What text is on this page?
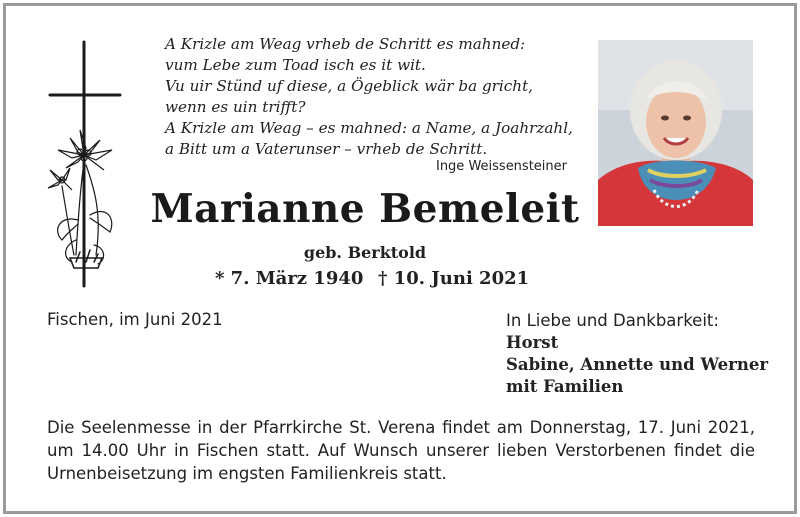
A Krizle am Weag vrheb de Schritt es mahned:
vum Lebe zum Toad isch es it wit.
Vu uir Stünd uf diese, a Ögeblick wär ba gricht,
wenn es uin trifft?
A Krizle am Weag – es mahned: a Name, a Joahrzahl,
a Bitt um a Vaterunser – vrheb de Schritt.
Inge Weissensteiner
Marianne Bemeleit
geb. Berktold
* 7. März 1940 † 10. Juni 2021
Fischen, im Juni 2021	In Liebe und Dankbarkeit:
Horst
Sabine, Annette und Werner
mit Familien
Die Seelenmesse in der Pfarrkirche St. Verena findet am Donnerstag, 17. Juni 2021, um 14.00 Uhr in Fischen statt. Auf Wunsch unserer lieben Verstorbenen findet die Urnenbeisetzung im engsten Familienkreis statt.
